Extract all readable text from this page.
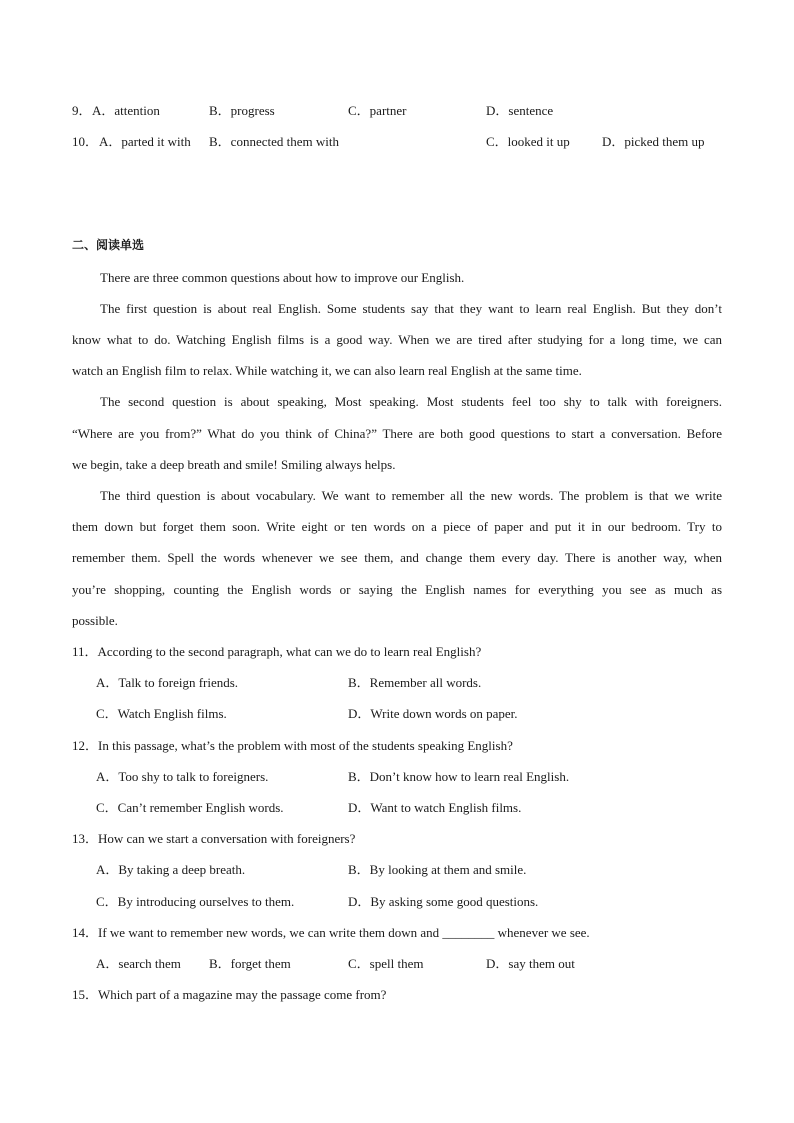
9． A．attention	B．progress	C．partner	D．sentence
10． A．parted it with B．connected them with	C．looked it up D．picked them up
二、阅读单选
There are three common questions about how to improve our English.
The first question is about real English. Some students say that they want to learn real English. But they don’t
know what to do. Watching English films is a good way. When we are tired after studying for a long time, we can
watch an English film to relax. While watching it, we can also learn real English at the same time.
The second question is about speaking, Most speaking. Most students feel too shy to talk with foreigners.
“Where are you from?” What do you think of China?” There are both good questions to start a conversation. Before
we begin, take a deep breath and smile! Smiling always helps.
The third question is about vocabulary. We want to remember all the new words. The problem is that we write
them down but forget them soon. Write eight or ten words on a piece of paper and put it in our bedroom. Try to
remember them. Spell the words whenever we see them, and change them every day. There is another way, when
you’re shopping, counting the English words or saying the English names for everything you see as much as
possible.
11．According to the second paragraph, what can we do to learn real English?
A．Talk to foreign friends.	B．Remember all words.
C．Watch English films.	D．Write down words on paper.
12．In this passage, what’s the problem with most of the students speaking English?
A．Too shy to talk to foreigners.	B．Don’t know how to learn real English.
C．Can’t remember English words.	D．Want to watch English films.
13．How can we start a conversation with foreigners?
A．By taking a deep breath.	B．By looking at them and smile.
C．By introducing ourselves to them.	D．By asking some good questions.
14．If we want to remember new words, we can write them down and ________ whenever we see.
A．search them B．forget them	C．spell them	D．say them out
15．Which part of a magazine may the passage come from?
